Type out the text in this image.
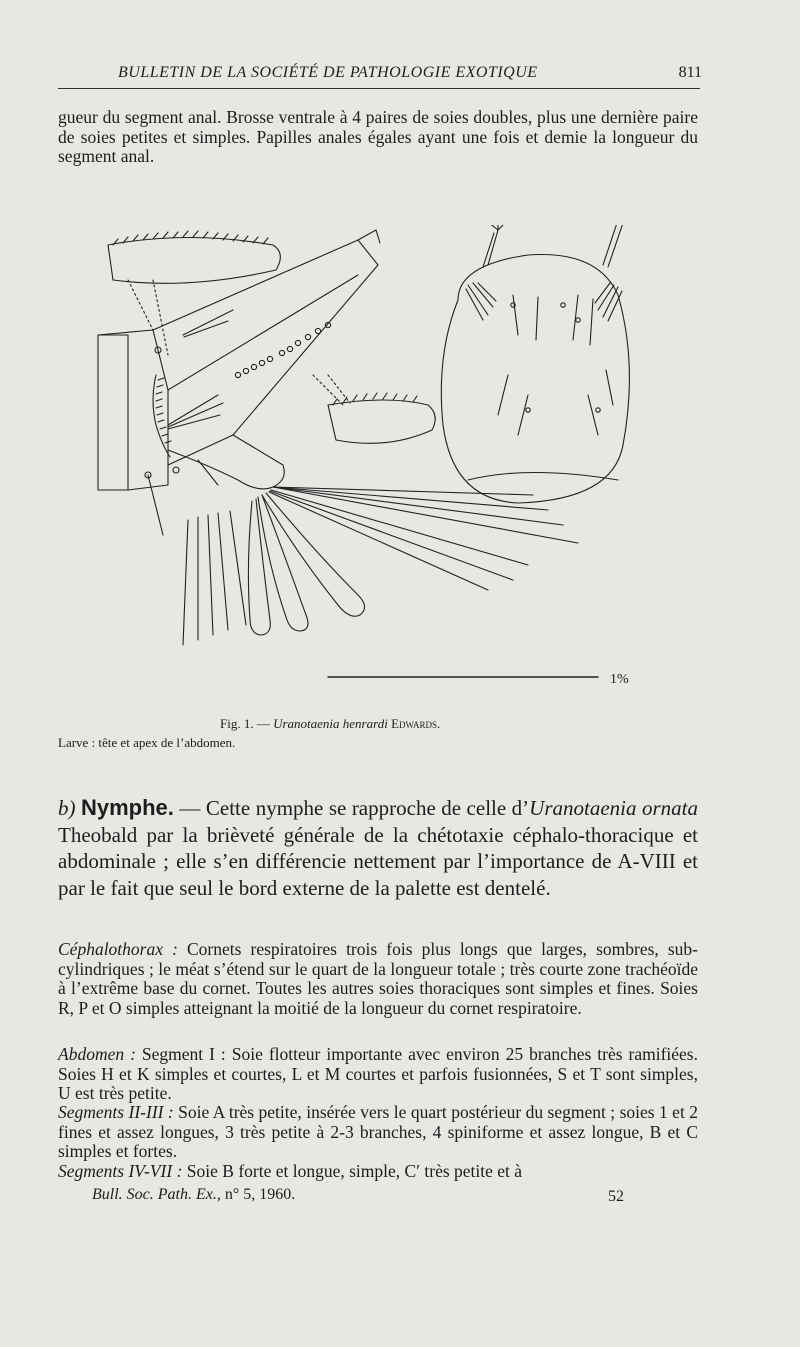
BULLETIN DE LA SOCIÉTÉ DE PATHOLOGIE EXOTIQUE	811

gueur du segment anal. Brosse ventrale à 4 paires de soies doubles, plus une dernière paire de soies petites et simples. Papilles anales égales ayant une fois et demie la longueur du segment anal.

1%
Fig. 1. — Uranotaenia henrardi Edwards.
Larve : tête et apex de l’abdomen.

b) Nymphe. — Cette nymphe se rapproche de celle d’Uranotaenia ornata Theobald par la brièveté générale de la chétotaxie céphalo-thoracique et abdominale ; elle s’en différencie nettement par l’importance de A-VIII et par le fait que seul le bord externe de la palette est dentelé.

Céphalothorax : Cornets respiratoires trois fois plus longs que larges, sombres, sub-cylindriques ; le méat s’étend sur le quart de la longueur totale ; très courte zone trachéoïde à l’extrême base du cornet. Toutes les autres soies thoraciques sont simples et fines. Soies R, P et O simples atteignant la moitié de la longueur du cornet respiratoire.

Abdomen : Segment I : Soie flotteur importante avec environ 25 branches très ramifiées. Soies H et K simples et courtes, L et M courtes et parfois fusionnées, S et T sont simples, U est très petite.

Segments II-III : Soie A très petite, insérée vers le quart postérieur du segment ; soies 1 et 2 fines et assez longues, 3 très petite à 2-3 branches, 4 spiniforme et assez longue, B et C simples et fortes.

Segments IV-VII : Soie B forte et longue, simple, C′ très petite et à

Bull. Soc. Path. Ex., n° 5, 1960.	52
